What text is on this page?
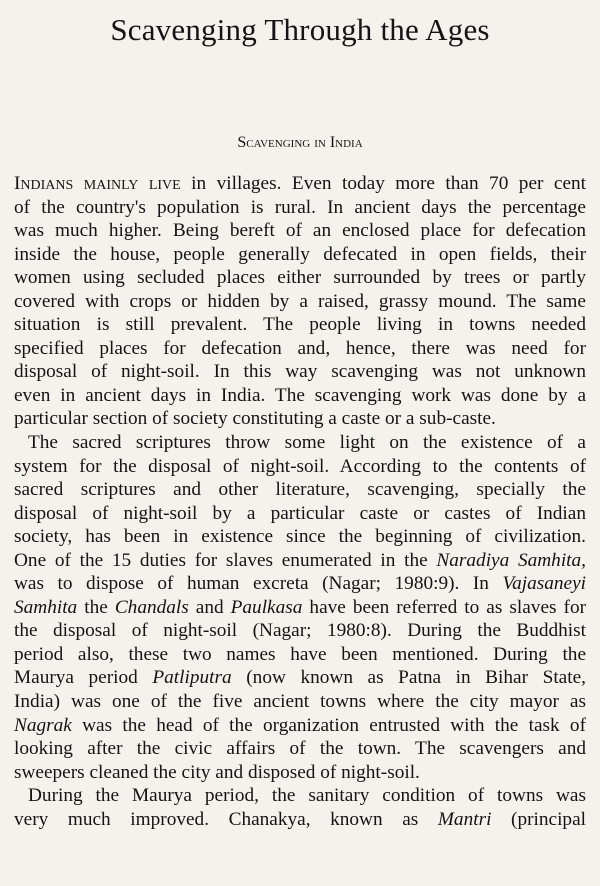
Scavenging Through the Ages
Scavenging in India
Indians mainly live in villages. Even today more than 70 per cent
of the country's population is rural. In ancient days the percentage
was much higher. Being bereft of an enclosed place for defecation
inside the house, people generally defecated in open fields, their
women using secluded places either surrounded by trees or partly
covered with crops or hidden by a raised, grassy mound. The same
situation is still prevalent. The people living in towns needed
specified places for defecation and, hence, there was need for
disposal of night-soil. In this way scavenging was not unknown
even in ancient days in India. The scavenging work was done by a
particular section of society constituting a caste or a sub-caste.
The sacred scriptures throw some light on the existence of a
system for the disposal of night-soil. According to the contents of
sacred scriptures and other literature, scavenging, specially the
disposal of night-soil by a particular caste or castes of Indian
society, has been in existence since the beginning of civilization.
One of the 15 duties for slaves enumerated in the Naradiya Samhita,
was to dispose of human excreta (Nagar; 1980:9). In Vajasaneyi
Samhita the Chandals and Paulkasa have been referred to as slaves for
the disposal of night-soil (Nagar; 1980:8). During the Buddhist
period also, these two names have been mentioned. During the
Maurya period Patliputra (now known as Patna in Bihar State,
India) was one of the five ancient towns where the city mayor as
Nagrak was the head of the organization entrusted with the task of
looking after the civic affairs of the town. The scavengers and
sweepers cleaned the city and disposed of night-soil.
During the Maurya period, the sanitary condition of towns was
very much improved. Chanakya, known as Mantri (principal
